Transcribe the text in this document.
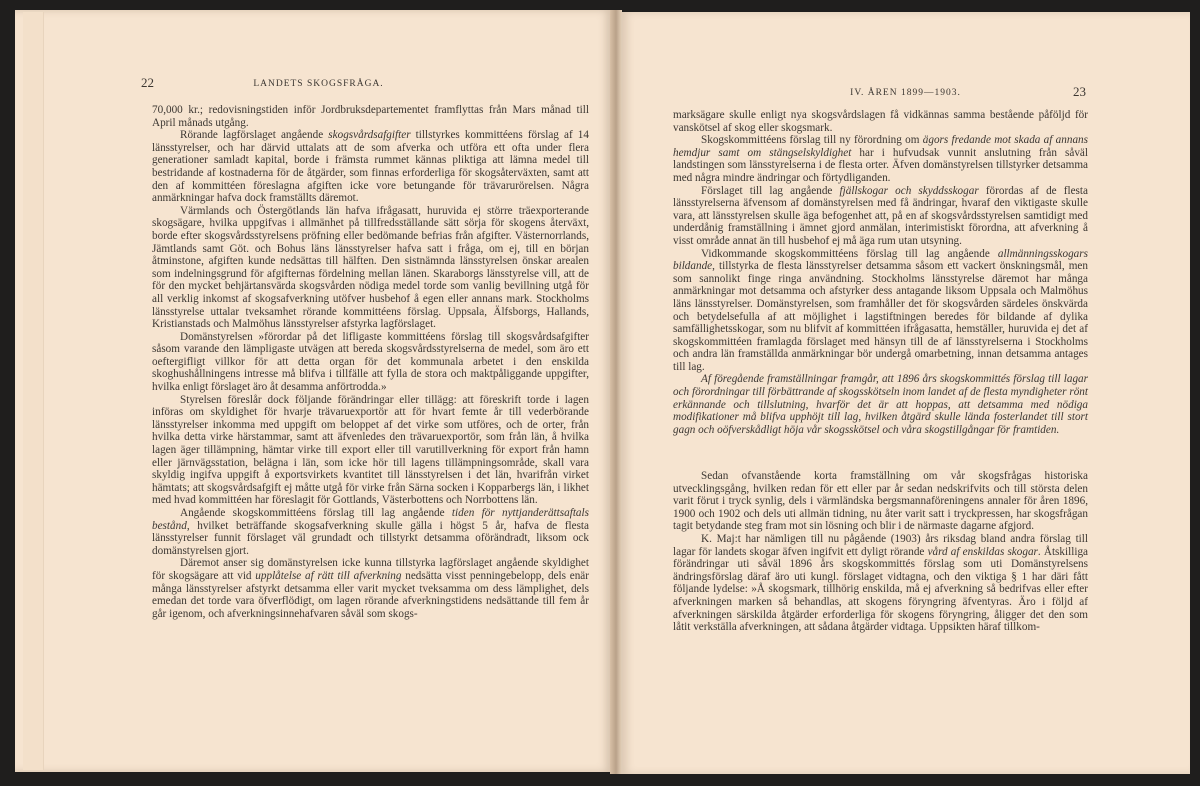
22	LANDETS SKOGSFRÅGA.

70,000 kr.; redovisningstiden inför Jordbruksdepartementet framflyttas från Mars månad till April månads utgång.

Rörande lagförslaget angående skogsvårdsafgifter tillstyrkes kommittéens förslag af 14 länsstyrelser, och har därvid uttalats att de som afverka och utföra ett ofta under flera generationer samladt kapital, borde i främsta rummet kännas pliktiga att lämna medel till bestridande af kostnaderna för de åtgärder, som finnas erforderliga för skogsåterväxten, samt att den af kommittéen föreslagna afgiften icke vore betungande för trävarurörelsen. Några anmärkningar hafva dock framställts däremot.

Värmlands och Östergötlands län hafva ifrågasatt, huruvida ej större träexporterande skogsägare, hvilka uppgifvas i allmänhet på tillfredsställande sätt sörja för skogens återväxt, borde efter skogsvårdsstyrelsens pröfning eller bedömande befrias från afgifter. Västernorrlands, Jämtlands samt Göt. och Bohus läns länsstyrelser hafva satt i fråga, om ej, till en början åtminstone, afgiften kunde nedsättas till hälften. Den sistnämnda länsstyrelsen önskar arealen som indelningsgrund för afgifternas fördelning mellan länen. Skaraborgs länsstyrelse vill, att de för den mycket behjärtansvärda skogsvården nödiga medel torde som vanlig bevillning utgå för all verklig inkomst af skogsafverkning utöfver husbehof å egen eller annans mark. Stockholms länsstyrelse uttalar tveksamhet rörande kommittéens förslag. Uppsala, Älfsborgs, Hallands, Kristianstads och Malmöhus länsstyrelser afstyrka lagförslaget.

Domänstyrelsen »förordar på det lifligaste kommittéens förslag till skogsvårdsafgifter såsom varande den lämpligaste utvägen att bereda skogsvårdsstyrelserna de medel, som äro ett oeftergifligt villkor för att detta organ för det kommunala arbetet i den enskilda skoghushållningens intresse må blifva i tillfälle att fylla de stora och maktpåliggande uppgifter, hvilka enligt förslaget äro åt desamma anförtrodda.»

Styrelsen föreslår dock följande förändringar eller tillägg: att föreskrift torde i lagen införas om skyldighet för hvarje trävaruexportör att för hvart femte år till vederbörande länsstyrelser inkomma med uppgift om beloppet af det virke som utföres, och de orter, från hvilka detta virke härstammar, samt att äfvenledes den trävaruexportör, som från län, å hvilka lagen äger tillämpning, hämtar virke till export eller till varutillverkning för export från hamn eller järnvägsstation, belägna i län, som icke hör till lagens tillämpningsområde, skall vara skyldig ingifva uppgift å exportsvirkets kvantitet till länsstyrelsen i det län, hvarifrån virket hämtats; att skogsvårdsafgift ej måtte utgå för virke från Särna socken i Kopparbergs län, i likhet med hvad kommittéen har föreslagit för Gottlands, Västerbottens och Norrbottens län.

Angående skogskommittéens förslag till lag angående tiden för nyttjanderättsaftals bestånd, hvilket beträffande skogsafverkning skulle gälla i högst 5 år, hafva de flesta länsstyrelser funnit förslaget väl grundadt och tillstyrkt detsamma oförändradt, liksom ock domänstyrelsen gjort.

Däremot anser sig domänstyrelsen icke kunna tillstyrka lagförslaget angående skyldighet för skogsägare att vid upplåtelse af rätt till afverkning nedsätta visst penningebelopp, dels enär många länsstyrelser afstyrkt detsamma eller varit mycket tveksamma om dess lämplighet, dels emedan det torde vara öfverflödigt, om lagen rörande afverkningstidens nedsättande till fem år går igenom, och afverkningsinnehafvaren såväl som skogs-

IV. ÅREN 1899—1903.	23

marksägare skulle enligt nya skogsvårdslagen få vidkännas samma bestående påföljd för vanskötsel af skog eller skogsmark.

Skogskommittéens förslag till ny förordning om ägors fredande mot skada af annans hemdjur samt om stängselskyldighet har i hufvudsak vunnit anslutning från såväl landstingen som länsstyrelserna i de flesta orter. Äfven domänstyrelsen tillstyrker detsamma med några mindre ändringar och förtydliganden.

Förslaget till lag angående fjällskogar och skyddsskogar förordas af de flesta länsstyrelserna äfvensom af domänstyrelsen med få ändringar, hvaraf den viktigaste skulle vara, att länsstyrelsen skulle äga befogenhet att, på en af skogsvårdsstyrelsen samtidigt med underdånig framställning i ämnet gjord anmälan, interimistiskt förordna, att afverkning å visst område annat än till husbehof ej må äga rum utan utsyning.

Vidkommande skogskommittéens förslag till lag angående allmänningsskogars bildande, tillstyrka de flesta länsstyrelser detsamma såsom ett vackert önskningsmål, men som sannolikt finge ringa användning. Stockholms länsstyrelse däremot har många anmärkningar mot detsamma och afstyrker dess antagande liksom Uppsala och Malmöhus läns länsstyrelser. Domänstyrelsen, som framhåller det för skogsvården särdeles önskvärda och betydelsefulla af att möjlighet i lagstiftningen beredes för bildande af dylika samfällighetsskogar, som nu blifvit af kommittéen ifrågasatta, hemställer, huruvida ej det af skogskommittéen framlagda förslaget med hänsyn till de af länsstyrelserna i Stockholms och andra län framställda anmärkningar bör undergå omarbetning, innan detsamma antages till lag.

Af föregående framställningar framgår, att 1896 års skogskommittés förslag till lagar och förordningar till förbättrande af skogsskötseln inom landet af de flesta myndigheter rönt erkännande och tillslutning, hvarför det är att hoppas, att detsamma med nödiga modifikationer må blifva upphöjt till lag, hvilken åtgärd skulle lända fosterlandet till stort gagn och oöfverskådligt höja vår skogsskötsel och våra skogstillgångar för framtiden.

Sedan ofvanstående korta framställning om vår skogsfrågas historiska utvecklingsgång, hvilken redan för ett eller par år sedan nedskrifvits och till största delen varit förut i tryck synlig, dels i värmländska bergsmannaföreningens annaler för åren 1896, 1900 och 1902 och dels uti allmän tidning, nu åter varit satt i tryckpressen, har skogsfrågan tagit betydande steg fram mot sin lösning och blir i de närmaste dagarne afgjord.

K. Maj:t har nämligen till nu pågående (1903) års riksdag bland andra förslag till lagar för landets skogar äfven ingifvit ett dyligt rörande vård af enskildas skogar. Åtskilliga förändringar uti såväl 1896 års skogskommittés förslag som uti Domänstyrelsens ändringsförslag däraf äro uti kungl. förslaget vidtagna, och den viktiga § 1 har däri fått följande lydelse: »Å skogsmark, tillhörig enskilda, må ej afverkning så bedrifvas eller efter afverkningen marken så behandlas, att skogens föryngring äfventyras. Äro i följd af afverkningen särskilda åtgärder erforderliga för skogens föryngring, åligger det den som låtit verkställa afverkningen, att sådana åtgärder vidtaga. Uppsikten häraf tillkom-
